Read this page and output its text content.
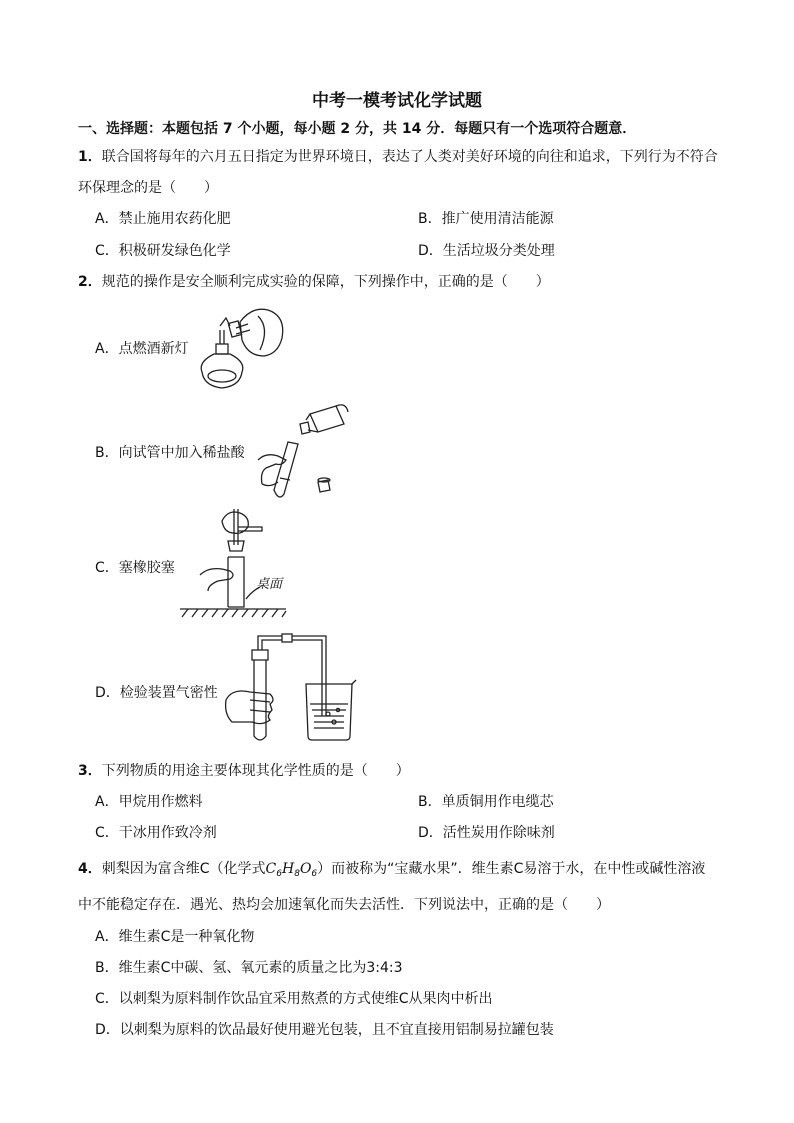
中考一模考试化学试题
一、选择题：本题包括 7 个小题，每小题 2 分，共 14 分．每题只有一个选项符合题意．
1．联合国将每年的六月五日指定为世界环境日，表达了人类对美好环境的向往和追求，下列行为不符合
环保理念的是（　　）
A．禁止施用农药化肥	B．推广使用清洁能源
C．积极研发绿色化学	D．生活垃圾分类处理
2．规范的操作是安全顺利完成实验的保障，下列操作中，正确的是（　　）
A．点燃酒新灯
B．向试管中加入稀盐酸
C．塞橡胶塞
桌面
D．检验装置气密性
3．下列物质的用途主要体现其化学性质的是（　　）
A．甲烷用作燃料	B．单质铜用作电缆芯
C．干冰用作致冷剂	D．活性炭用作除味剂
4．刺梨因为富含维C（化学式$C_6H_8O_6$）而被称为“宝藏水果”．维生素C易溶于水，在中性或碱性溶液
中不能稳定存在．遇光、热均会加速氧化而失去活性．下列说法中，正确的是（　　）
A．维生素C是一种氧化物
B．维生素C中碳、氢、氧元素的质量之比为3:4:3
C．以刺梨为原料制作饮品宜采用熬煮的方式使维C从果肉中析出
D．以刺梨为原料的饮品最好使用避光包装，且不宜直接用铝制易拉罐包装
